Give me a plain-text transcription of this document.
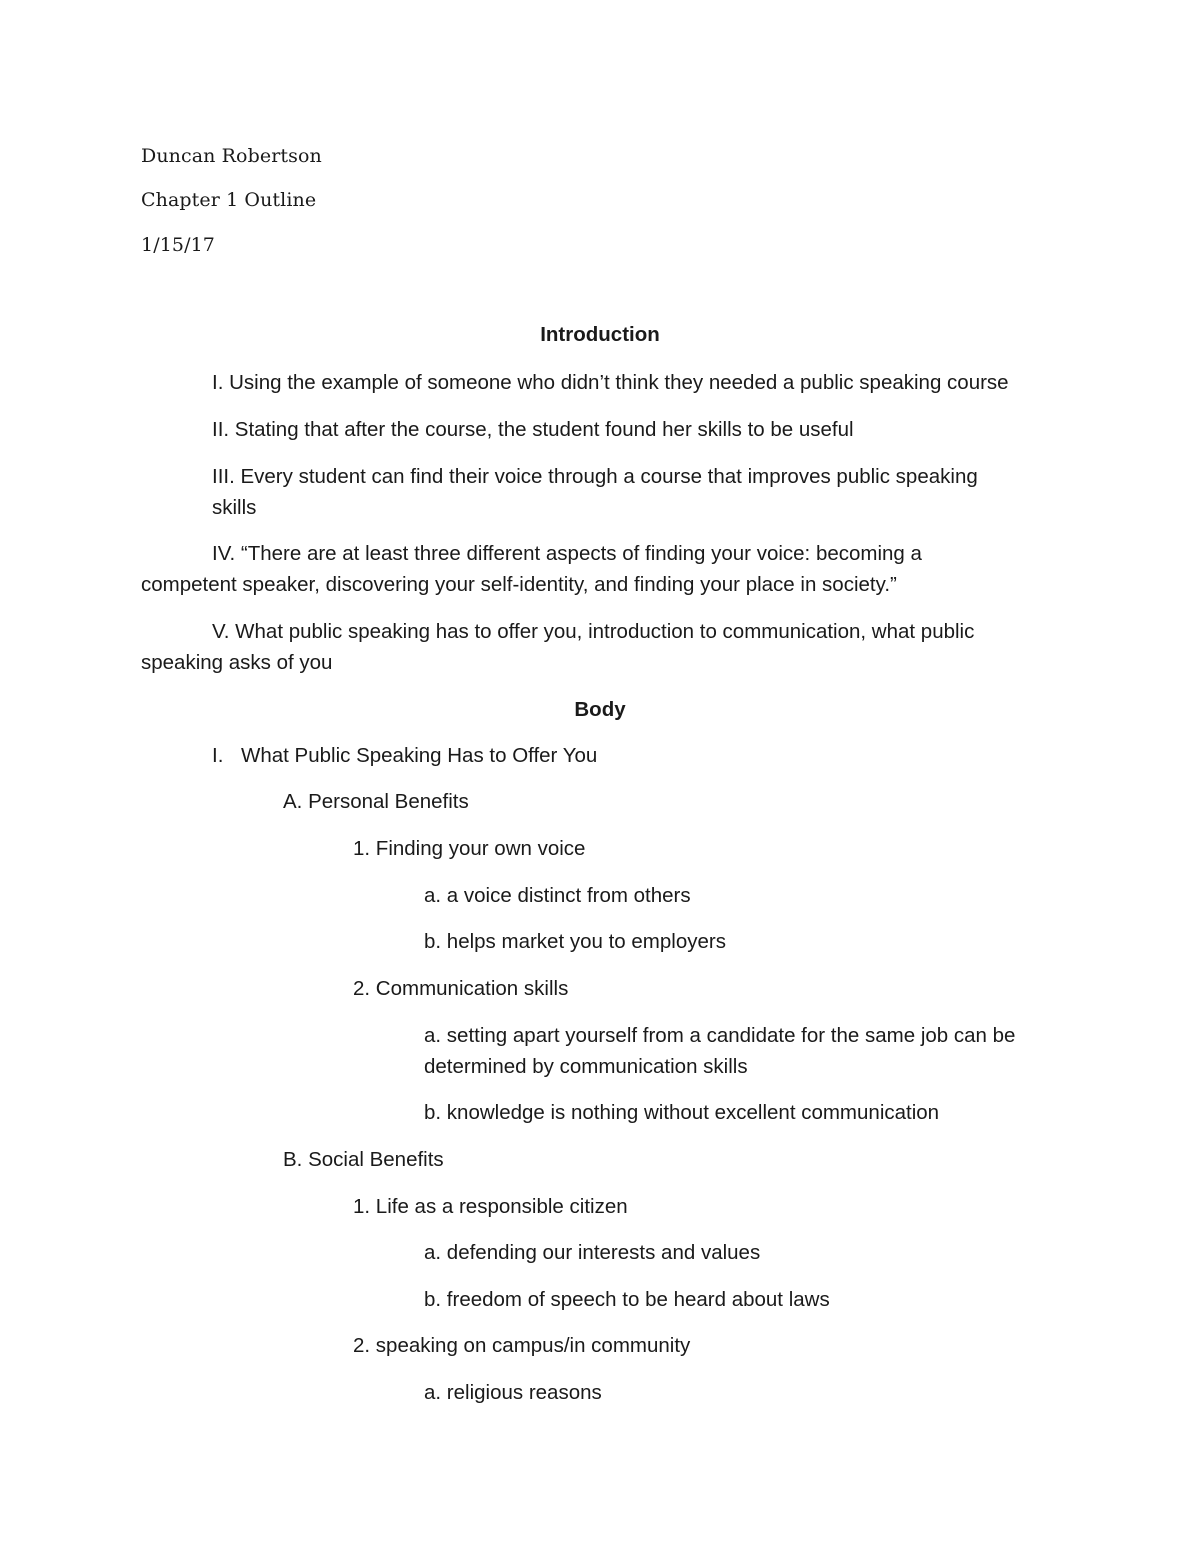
Duncan Robertson
Chapter 1 Outline
1/15/17
Introduction
I. Using the example of someone who didn’t think they needed a public speaking course
II. Stating that after the course, the student found her skills to be useful
III. Every student can find their voice through a course that improves public speaking
skills
IV. “There are at least three different aspects of finding your voice: becoming a
competent speaker, discovering your self-identity, and finding your place in society.”
V. What public speaking has to offer you, introduction to communication, what public
speaking asks of you
Body
I. What Public Speaking Has to Offer You
A. Personal Benefits
1. Finding your own voice
a. a voice distinct from others
b. helps market you to employers
2. Communication skills
a. setting apart yourself from a candidate for the same job can be
determined by communication skills
b. knowledge is nothing without excellent communication
B. Social Benefits
1. Life as a responsible citizen
a. defending our interests and values
b. freedom of speech to be heard about laws
2. speaking on campus/in community
a. religious reasons
